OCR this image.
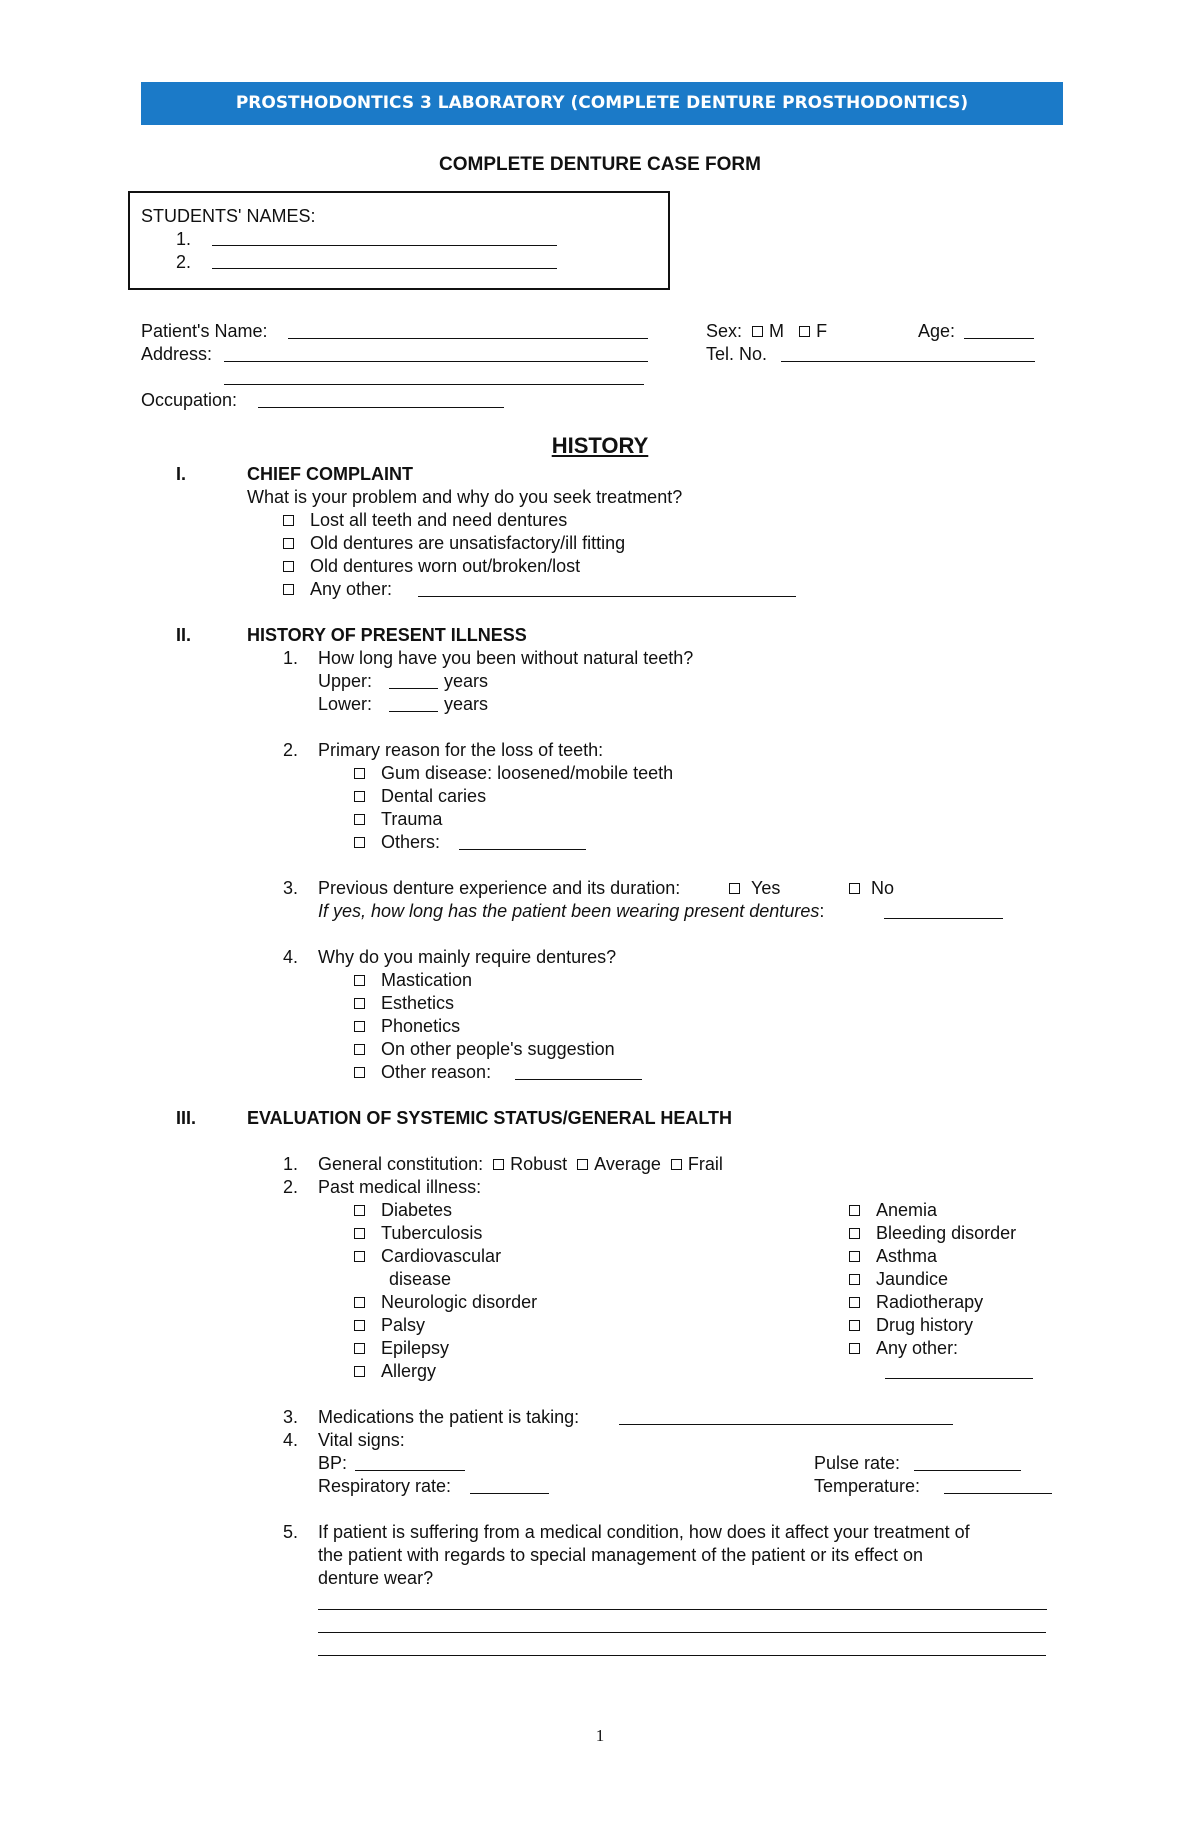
PROSTHODONTICS 3 LABORATORY (COMPLETE DENTURE PROSTHODONTICS)
COMPLETE DENTURE CASE FORM
STUDENTS' NAMES:
1.
2.
Patient's Name:	Sex: M F	Age:
Address:	Tel. No.
Occupation:
HISTORY
I.	CHIEF COMPLAINT
What is your problem and why do you seek treatment?
Lost all teeth and need dentures
Old dentures are unsatisfactory/ill fitting
Old dentures worn out/broken/lost
Any other:
II.	HISTORY OF PRESENT ILLNESS
1. How long have you been without natural teeth?
Upper:	years
Lower:	years
2. Primary reason for the loss of teeth:
Gum disease: loosened/mobile teeth
Dental caries
Trauma
Others:
3. Previous denture experience and its duration:	Yes	No
If yes, how long has the patient been wearing present dentures:
4. Why do you mainly require dentures?
Mastication
Esthetics
Phonetics
On other people's suggestion
Other reason:
III.	EVALUATION OF SYSTEMIC STATUS/GENERAL HEALTH
1. General constitution: Robust Average Frail
2. Past medical illness:
Diabetes
Tuberculosis
Cardiovascular
disease
Neurologic disorder
Palsy
Epilepsy
Allergy
Anemia
Bleeding disorder
Asthma
Jaundice
Radiotherapy
Drug history
Any other:
3. Medications the patient is taking:
4. Vital signs:
BP:	Pulse rate:
Respiratory rate:	Temperature:
5. If patient is suffering from a medical condition, how does it affect your treatment of
the patient with regards to special management of the patient or its effect on
denture wear?
1
